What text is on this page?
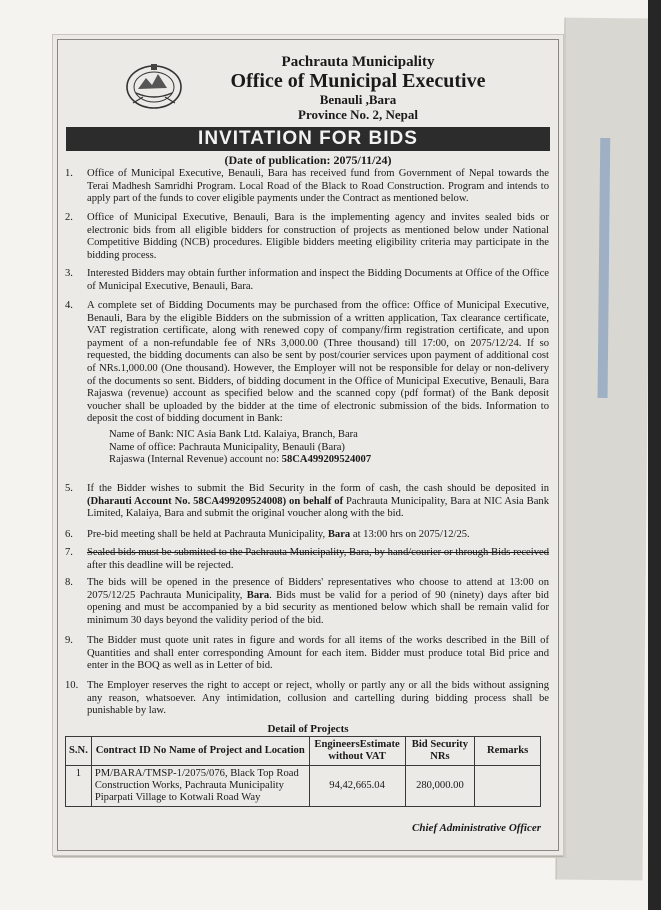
Pachrauta Municipality
Office of Municipal Executive
Benauli ,Bara
Province No. 2, Nepal
INVITATION FOR BIDS
(Date of publication: 2075/11/24)
1.	Office of Municipal Executive, Benauli, Bara has received fund from Government of Nepal towards the Terai Madhesh Samridhi Program. Local Road of the Black to Road Construction. Program and intends to apply part of the funds to cover eligible payments under the Contract as mentioned below.
2.	Office of Municipal Executive, Benauli, Bara is the implementing agency and invites sealed bids or electronic bids from all eligible bidders for construction of projects as mentioned below under National Competitive Bidding (NCB) procedures. Eligible bidders meeting eligibility criteria may participate in the bidding process.
3.	Interested Bidders may obtain further information and inspect the Bidding Documents at Office of the Office of Municipal Executive, Benauli, Bara.
4.	A complete set of Bidding Documents may be purchased from the office: Office of Municipal Executive, Benauli, Bara by the eligible Bidders on the submission of a written application, Tax clearance certificate, VAT registration certificate, along with renewed copy of company/firm registration certificate, and upon payment of a non-refundable fee of NRs 3,000.00 (Three thousand) till 17:00, on 2075/12/24. If so requested, the bidding documents can also be sent by post/courier services upon payment of additional cost of NRs.1,000.00 (One thousand). However, the Employer will not be responsible for delay or non-delivery of the documents so sent. Bidders, of bidding document in the Office of Municipal Executive, Benauli, Bara Rajaswa (revenue) account as specified below and the scanned copy (pdf format) of the Bank deposit voucher shall be uploaded by the bidder at the time of electronic submission of the bids. Information to deposit the cost of bidding document in Bank:
Name of Bank: NIC Asia Bank Ltd. Kalaiya, Branch, Bara
Name of office: Pachrauta Municipality, Benauli (Bara)
Rajaswa (Internal Revenue) account no: 58CA499209524007
5.	If the Bidder wishes to submit the Bid Security in the form of cash, the cash should be deposited in (Dharauti Account No. 58CA499209524008) on behalf of Pachrauta Municipality, Bara at NIC Asia Bank Limited, Kalaiya, Bara and submit the original voucher along with the bid.
6.	Pre-bid meeting shall be held at Pachrauta Municipality, Bara at 13:00 hrs on 2075/12/25.
7.	Sealed bids must be submitted to the Pachrauta Municipality, Bara, by hand/courier or through Bids received after this deadline will be rejected.
8.	The bids will be opened in the presence of Bidders' representatives who choose to attend at 13:00 on 2075/12/25 Pachrauta Municipality, Bara. Bids must be valid for a period of 90 (ninety) days after bid opening and must be accompanied by a bid security as mentioned below which shall be remain valid for minimum 30 days beyond the validity period of the bid.
9.	The Bidder must quote unit rates in figure and words for all items of the works described in the Bill of Quantities and shall enter corresponding Amount for each item. Bidder must produce total Bid price and enter in the BOQ as well as in Letter of bid.
10. The Employer reserves the right to accept or reject, wholly or partly any or all the bids without assigning any reason, whatsoever. Any intimidation, collusion and cartelling during bidding process shall be punishable by law.
Detail of Projects
S.N.	Contract ID No Name of Project and Location	EngineersEstimate without VAT	Bid Security NRs	Remarks
1	PM/BARA/TMSP-1/2075/076, Black Top Road Construction Works, Pachrauta Municipality Piparpati Village to Kotwali Road Way	94,42,665.04	280,000.00	
Chief Administrative Officer
